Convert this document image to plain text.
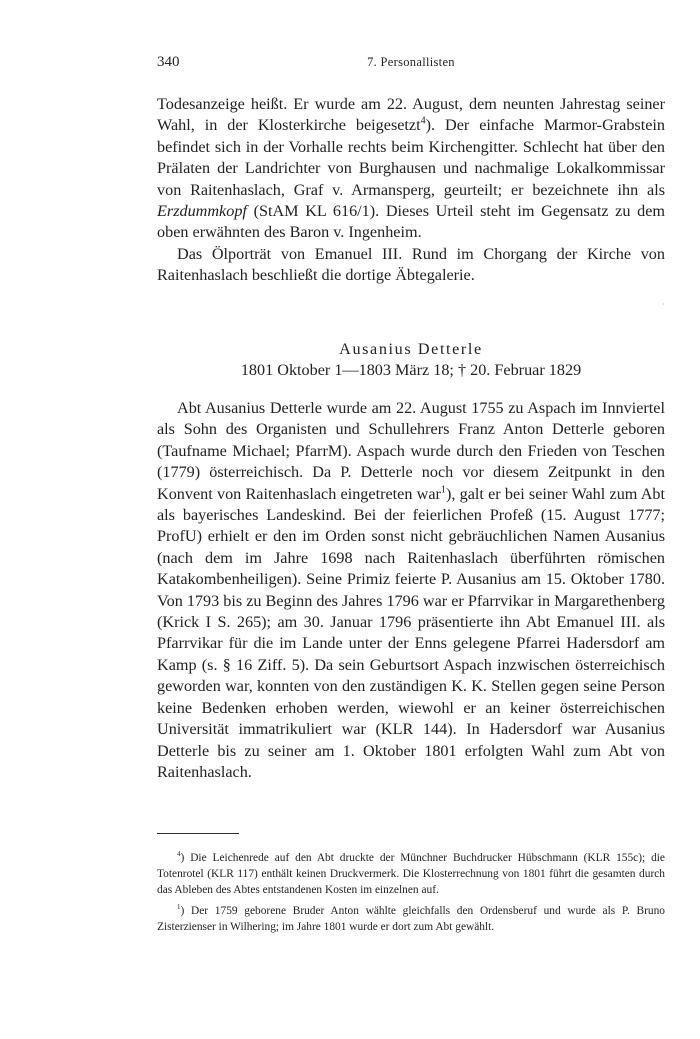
340	7. Personallisten

Todesanzeige heißt. Er wurde am 22. August, dem neunten Jahrestag seiner Wahl, in der Klosterkirche beigesetzt$^4$). Der einfache Marmor-Grabstein befindet sich in der Vorhalle rechts beim Kirchengitter. Schlecht hat über den Prälaten der Landrichter von Burghausen und nachmalige Lokalkommissar von Raitenhaslach, Graf v. Armansperg, geurteilt; er bezeichnete ihn als Erzdummkopf (StAM KL 616/1). Dieses Urteil steht im Gegensatz zu dem oben erwähnten des Baron v. Ingenheim.

Das Ölporträt von Emanuel III. Rund im Chorgang der Kirche von Raitenhaslach beschließt die dortige Äbtegalerie.

·
Ausanius Detterle
1801 Oktober 1—1803 März 18; † 20. Februar 1829

Abt Ausanius Detterle wurde am 22. August 1755 zu Aspach im Innviertel als Sohn des Organisten und Schullehrers Franz Anton Detterle geboren (Taufname Michael; PfarrM). Aspach wurde durch den Frieden von Teschen (1779) österreichisch. Da P. Detterle noch vor diesem Zeitpunkt in den Konvent von Raitenhaslach eingetreten war$^1$), galt er bei seiner Wahl zum Abt als bayerisches Landeskind. Bei der feierlichen Profeß (15. August 1777; ProfU) erhielt er den im Orden sonst nicht gebräuchlichen Namen Ausanius (nach dem im Jahre 1698 nach Raitenhaslach überführten römischen Katakombenheiligen). Seine Primiz feierte P. Ausanius am 15. Oktober 1780. Von 1793 bis zu Beginn des Jahres 1796 war er Pfarrvikar in Margarethenberg (Krick I S. 265); am 30. Januar 1796 präsentierte ihn Abt Emanuel III. als Pfarrvikar für die im Lande unter der Enns gelegene Pfarrei Hadersdorf am Kamp (s. § 16 Ziff. 5). Da sein Geburtsort Aspach inzwischen österreichisch geworden war, konnten von den zuständigen K. K. Stellen gegen seine Person keine Bedenken erhoben werden, wiewohl er an keiner österreichischen Universität immatrikuliert war (KLR 144). In Hadersdorf war Ausanius Detterle bis zu seiner am 1. Oktober 1801 erfolgten Wahl zum Abt von Raitenhaslach.

$^4$) Die Leichenrede auf den Abt druckte der Münchner Buchdrucker Hübschmann (KLR 155c); die Totenrotel (KLR 117) enthält keinen Druckvermerk. Die Klosterrechnung von 1801 führt die gesamten durch das Ableben des Abtes entstandenen Kosten im einzelnen auf.

$^1$) Der 1759 geborene Bruder Anton wählte gleichfalls den Ordensberuf und wurde als P. Bruno Zisterzienser in Wilhering; im Jahre 1801 wurde er dort zum Abt gewählt.
